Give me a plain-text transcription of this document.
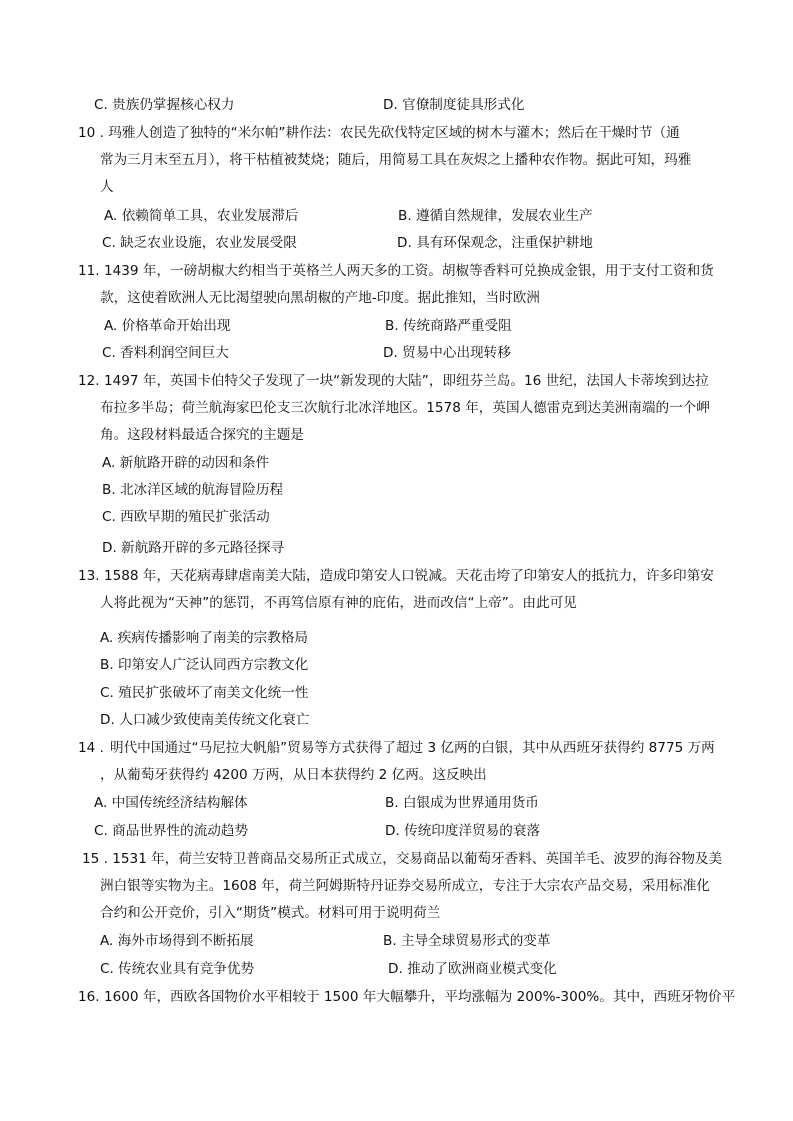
C. 贵族仍掌握核心权力	D. 官僚制度徒具形式化
10 . 玛雅人创造了独特的“米尔帕”耕作法：农民先砍伐特定区域的树木与灌木；然后在干燥时节（通
常为三月末至五月），将干枯植被焚烧；随后，用简易工具在灰烬之上播种农作物。据此可知，玛雅
人
A. 依赖简单工具，农业发展滞后	B. 遵循自然规律，发展农业生产
C. 缺乏农业设施，农业发展受限	D. 具有环保观念，注重保护耕地
11. 1439 年，一磅胡椒大约相当于英格兰人两天多的工资。胡椒等香料可兑换成金银，用于支付工资和货
款，这使着欧洲人无比渴望驶向黑胡椒的产地-印度。据此推知，当时欧洲
A. 价格革命开始出现	B. 传统商路严重受阻
C. 香料利润空间巨大	D. 贸易中心出现转移
12. 1497 年，英国卡伯特父子发现了一块“新发现的大陆”，即纽芬兰岛。16 世纪，法国人卡蒂埃到达拉
布拉多半岛；荷兰航海家巴伦支三次航行北冰洋地区。1578 年，英国人德雷克到达美洲南端的一个岬
角。这段材料最适合探究的主题是
A. 新航路开辟的动因和条件
B. 北冰洋区域的航海冒险历程
C. 西欧早期的殖民扩张活动
D. 新航路开辟的多元路径探寻
13. 1588 年，天花病毒肆虐南美大陆，造成印第安人口锐减。天花击垮了印第安人的抵抗力，许多印第安
人将此视为“天神”的惩罚，不再笃信原有神的庇佑，进而改信“上帝”。由此可见
A. 疾病传播影响了南美的宗教格局
B. 印第安人广泛认同西方宗教文化
C. 殖民扩张破坏了南美文化统一性
D. 人口减少致使南美传统文化衰亡
14 . 明代中国通过“马尼拉大帆船”贸易等方式获得了超过 3 亿两的白银，其中从西班牙获得约 8775 万两
，从葡萄牙获得约 4200 万两，从日本获得约 2 亿两。这反映出
A. 中国传统经济结构解体	B. 白银成为世界通用货币
C. 商品世界性的流动趋势	D. 传统印度洋贸易的衰落
15 . 1531 年，荷兰安特卫普商品交易所正式成立，交易商品以葡萄牙香料、英国羊毛、波罗的海谷物及美
洲白银等实物为主。1608 年，荷兰阿姆斯特丹证券交易所成立，专注于大宗农产品交易，采用标准化
合约和公开竞价，引入“期货”模式。材料可用于说明荷兰
A. 海外市场得到不断拓展	B. 主导全球贸易形式的变革
C. 传统农业具有竞争优势	D. 推动了欧洲商业模式变化
16. 1600 年，西欧各国物价水平相较于 1500 年大幅攀升，平均涨幅为 200%-300%。其中，西班牙物价平
